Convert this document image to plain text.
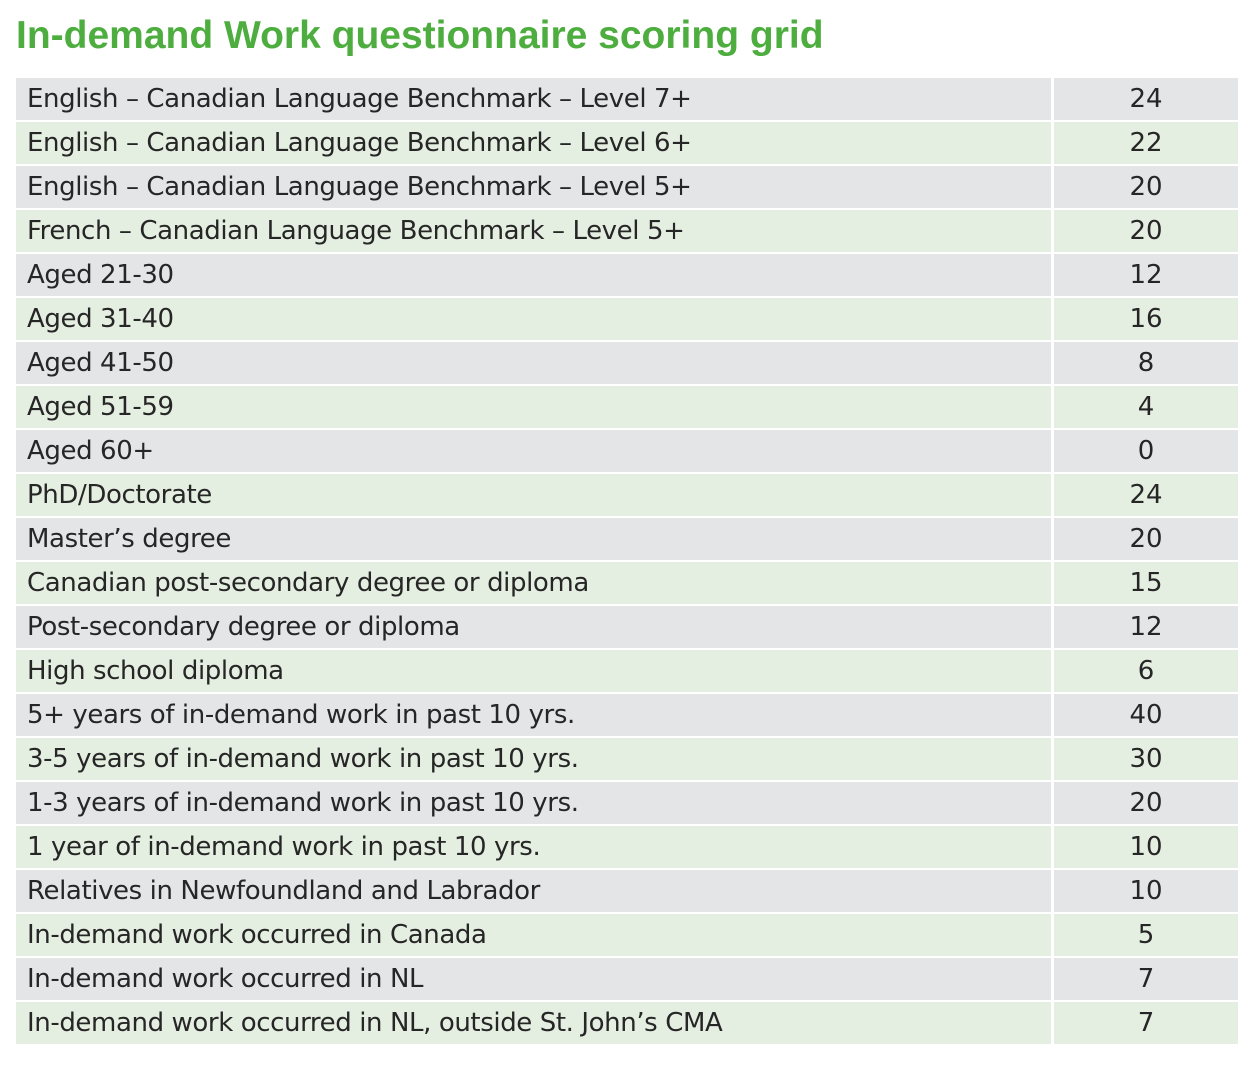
In-demand Work questionnaire scoring grid
English – Canadian Language Benchmark – Level 7+	24
English – Canadian Language Benchmark – Level 6+	22
English – Canadian Language Benchmark – Level 5+	20
French – Canadian Language Benchmark – Level 5+	20
Aged 21-30	12
Aged 31-40	16
Aged 41-50	8
Aged 51-59	4
Aged 60+	0
PhD/Doctorate	24
Master’s degree	20
Canadian post-secondary degree or diploma	15
Post-secondary degree or diploma	12
High school diploma	6
5+ years of in-demand work in past 10 yrs.	40
3-5 years of in-demand work in past 10 yrs.	30
1-3 years of in-demand work in past 10 yrs.	20
1 year of in-demand work in past 10 yrs.	10
Relatives in Newfoundland and Labrador	10
In-demand work occurred in Canada	5
In-demand work occurred in NL	7
In-demand work occurred in NL, outside St. John’s CMA	7
